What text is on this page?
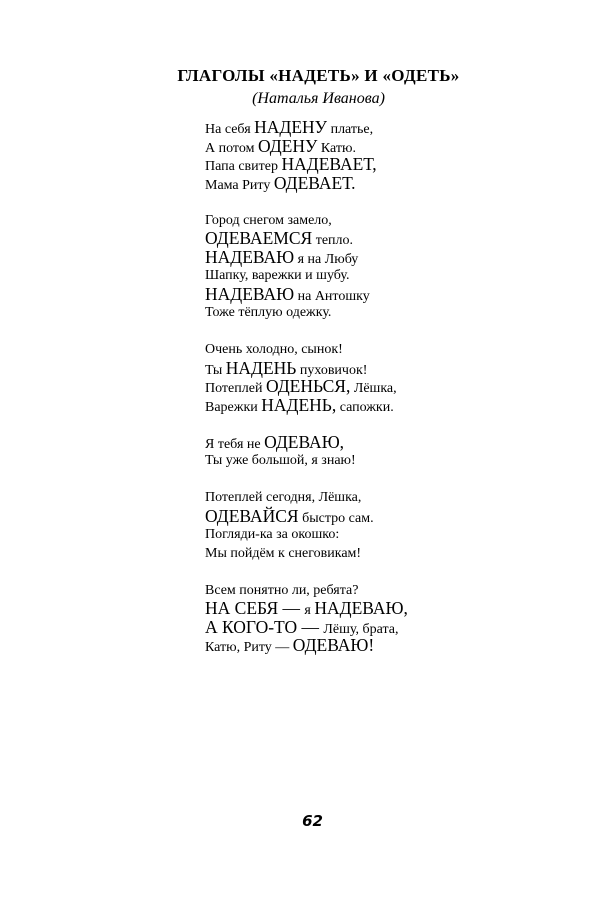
ГЛАГОЛЫ «НАДЕТЬ» И «ОДЕТЬ»
(Наталья Иванова)
На себя НАДЕНУ платье,
А потом ОДЕНУ Катю.
Папа свитер НАДЕВАЕТ,
Мама Риту ОДЕВАЕТ.
Город снегом замело,
ОДЕВАЕМСЯ тепло.
НАДЕВАЮ я на Любу
Шапку, варежки и шубу.
НАДЕВАЮ на Антошку
Тоже тёплую одежку.
Очень холодно, сынок!
Ты НАДЕНЬ пуховичок!
Потеплей ОДЕНЬСЯ, Лёшка,
Варежки НАДЕНЬ, сапожки.
Я тебя не ОДЕВАЮ,
Ты уже большой, я знаю!
Потеплей сегодня, Лёшка,
ОДЕВАЙСЯ быстро сам.
Погляди-ка за окошко:
Мы пойдём к снеговикам!
Всем понятно ли, ребята?
НА СЕБЯ — я НАДЕВАЮ,
А КОГО-ТО — Лёшу, брата,
Катю, Риту — ОДЕВАЮ!
62
